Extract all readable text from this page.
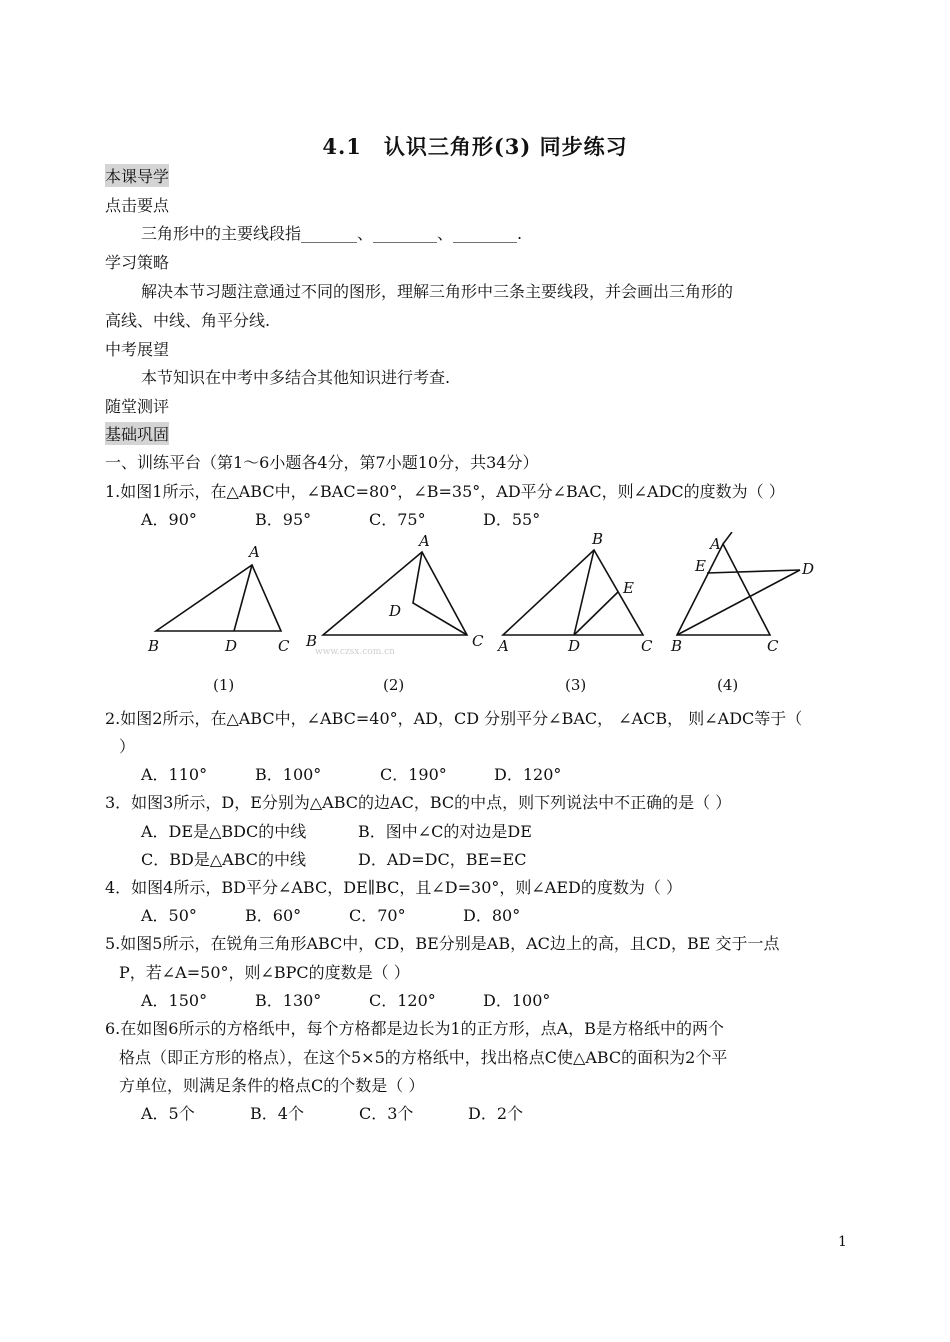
4.1　认识三角形(3) 同步练习
本课导学
点击要点
三角形中的主要线段指_______、________、________.
学习策略
解决本节习题注意通过不同的图形，理解三角形中三条主要线段，并会画出三角形的
高线、中线、角平分线.
中考展望
本节知识在中考中多结合其他知识进行考查.
随堂测评
基础巩固
一、训练平台（第1～6小题各4分，第7小题10分，共34分）
1.如图1所示，在△ABC中，∠BAC=80°，∠B=35°，AD平分∠BAC，则∠ADC的度数为（ ）
A．90°	B．95°	C．75°	D．55°
A
B	D	C
A
B
D
C
B
E
A	D	C
A
E	D
B	C
www.czsx.com.cn
(1)	(2)	(3)	(4)
2.如图2所示，在△ABC中，∠ABC=40°，AD，CD 分别平分∠BAC， ∠ACB， 则∠ADC等于（
）
A．110°	B．100°	C．190°	D．120°
3．如图3所示，D，E分别为△ABC的边AC，BC的中点，则下列说法中不正确的是（ ）
A．DE是△BDC的中线	B．图中∠C的对边是DE
C．BD是△ABC的中线	D．AD=DC，BE=EC
4．如图4所示，BD平分∠ABC，DE∥BC，且∠D=30°，则∠AED的度数为（ ）
A．50°	B．60°	C．70°	D．80°
5.如图5所示，在锐角三角形ABC中，CD，BE分别是AB，AC边上的高，且CD，BE 交于一点
P，若∠A=50°，则∠BPC的度数是（ ）
A．150°	B．130°	C．120°	D．100°
6.在如图6所示的方格纸中，每个方格都是边长为1的正方形，点A，B是方格纸中的两个
格点（即正方形的格点），在这个5×5的方格纸中，找出格点C使△ABC的面积为2个平
方单位，则满足条件的格点C的个数是（ ）
A．5个	B．4个	C．3个	D．2个
1
